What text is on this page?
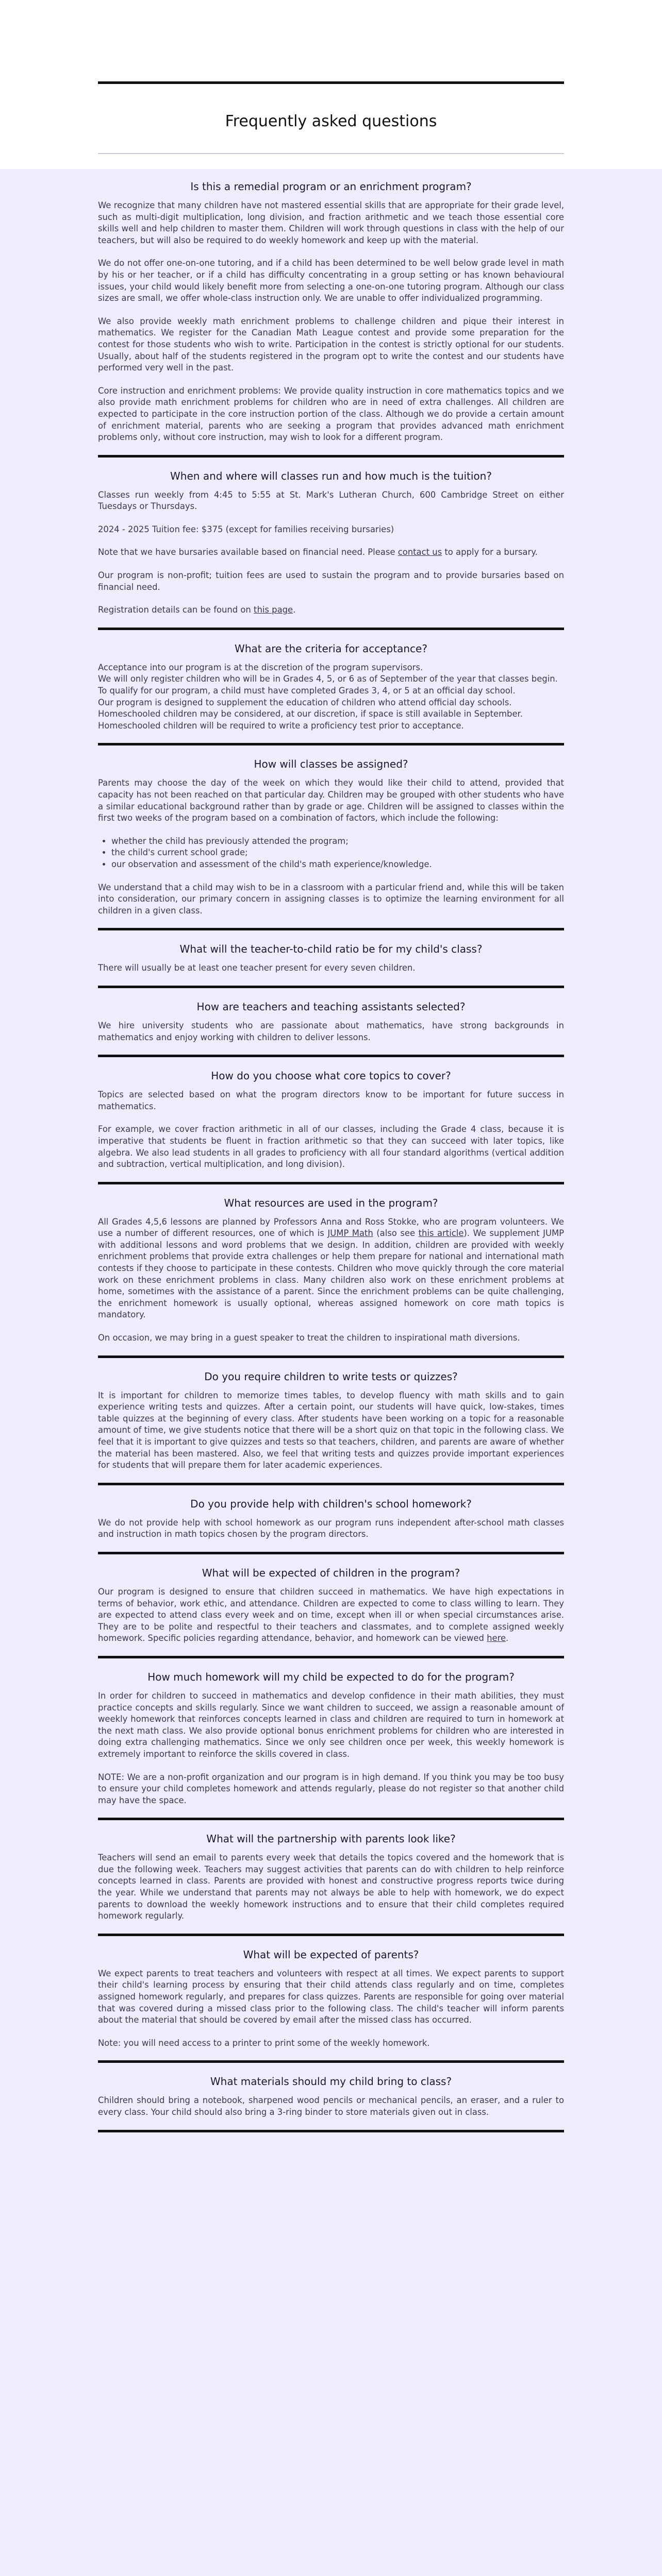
Frequently asked questions
Is this a remedial program or an enrichment program?

We recognize that many children have not mastered essential skills that are appropriate for their grade level, such as multi-digit multiplication, long division, and fraction arithmetic and we teach those essential core skills well and help children to master them. Children will work through questions in class with the help of our teachers, but will also be required to do weekly homework and keep up with the material.

We do not offer one-on-one tutoring, and if a child has been determined to be well below grade level in math by his or her teacher, or if a child has difficulty concentrating in a group setting or has known behavioural issues, your child would likely benefit more from selecting a one-on-one tutoring program. Although our class sizes are small, we offer whole-class instruction only. We are unable to offer individualized programming.

We also provide weekly math enrichment problems to challenge children and pique their interest in mathematics. We register for the Canadian Math League contest and provide some preparation for the contest for those students who wish to write. Participation in the contest is strictly optional for our students. Usually, about half of the students registered in the program opt to write the contest and our students have performed very well in the past.

Core instruction and enrichment problems: We provide quality instruction in core mathematics topics and we also provide math enrichment problems for children who are in need of extra challenges. All children are expected to participate in the core instruction portion of the class. Although we do provide a certain amount of enrichment material, parents who are seeking a program that provides advanced math enrichment problems only, without core instruction, may wish to look for a different program.

When and where will classes run and how much is the tuition?

Classes run weekly from 4:45 to 5:55 at St. Mark's Lutheran Church, 600 Cambridge Street on either Tuesdays or Thursdays.

2024 - 2025 Tuition fee: $375 (except for families receiving bursaries)

Note that we have bursaries available based on financial need. Please contact us to apply for a bursary.

Our program is non-profit; tuition fees are used to sustain the program and to provide bursaries based on financial need.

Registration details can be found on this page.

What are the criteria for acceptance?

Acceptance into our program is at the discretion of the program supervisors.
We will only register children who will be in Grades 4, 5, or 6 as of September of the year that classes begin.
To qualify for our program, a child must have completed Grades 3, 4, or 5 at an official day school.
Our program is designed to supplement the education of children who attend official day schools.
Homeschooled children may be considered, at our discretion, if space is still available in September.
Homeschooled children will be required to write a proficiency test prior to acceptance.

How will classes be assigned?

Parents may choose the day of the week on which they would like their child to attend, provided that capacity has not been reached on that particular day. Children may be grouped with other students who have a similar educational background rather than by grade or age. Children will be assigned to classes within the first two weeks of the program based on a combination of factors, which include the following:

• whether the child has previously attended the program;
• the child's current school grade;
• our observation and assessment of the child's math experience/knowledge.

We understand that a child may wish to be in a classroom with a particular friend and, while this will be taken into consideration, our primary concern in assigning classes is to optimize the learning environment for all children in a given class.

What will the teacher-to-child ratio be for my child's class?

There will usually be at least one teacher present for every seven children.

How are teachers and teaching assistants selected?

We hire university students who are passionate about mathematics, have strong backgrounds in mathematics and enjoy working with children to deliver lessons.

How do you choose what core topics to cover?

Topics are selected based on what the program directors know to be important for future success in mathematics.

For example, we cover fraction arithmetic in all of our classes, including the Grade 4 class, because it is imperative that students be fluent in fraction arithmetic so that they can succeed with later topics, like algebra. We also lead students in all grades to proficiency with all four standard algorithms (vertical addition and subtraction, vertical multiplication, and long division).

What resources are used in the program?

All Grades 4,5,6 lessons are planned by Professors Anna and Ross Stokke, who are program volunteers. We use a number of different resources, one of which is JUMP Math (also see this article). We supplement JUMP with additional lessons and word problems that we design. In addition, children are provided with weekly enrichment problems that provide extra challenges or help them prepare for national and international math contests if they choose to participate in these contests. Children who move quickly through the core material work on these enrichment problems in class. Many children also work on these enrichment problems at home, sometimes with the assistance of a parent. Since the enrichment problems can be quite challenging, the enrichment homework is usually optional, whereas assigned homework on core math topics is mandatory.

On occasion, we may bring in a guest speaker to treat the children to inspirational math diversions.

Do you require children to write tests or quizzes?

It is important for children to memorize times tables, to develop fluency with math skills and to gain experience writing tests and quizzes. After a certain point, our students will have quick, low-stakes, times table quizzes at the beginning of every class. After students have been working on a topic for a reasonable amount of time, we give students notice that there will be a short quiz on that topic in the following class. We feel that it is important to give quizzes and tests so that teachers, children, and parents are aware of whether the material has been mastered. Also, we feel that writing tests and quizzes provide important experiences for students that will prepare them for later academic experiences.

Do you provide help with children's school homework?

We do not provide help with school homework as our program runs independent after-school math classes and instruction in math topics chosen by the program directors.

What will be expected of children in the program?

Our program is designed to ensure that children succeed in mathematics. We have high expectations in terms of behavior, work ethic, and attendance. Children are expected to come to class willing to learn. They are expected to attend class every week and on time, except when ill or when special circumstances arise. They are to be polite and respectful to their teachers and classmates, and to complete assigned weekly homework. Specific policies regarding attendance, behavior, and homework can be viewed here.

How much homework will my child be expected to do for the program?

In order for children to succeed in mathematics and develop confidence in their math abilities, they must practice concepts and skills regularly. Since we want children to succeed, we assign a reasonable amount of weekly homework that reinforces concepts learned in class and children are required to turn in homework at the next math class. We also provide optional bonus enrichment problems for children who are interested in doing extra challenging mathematics. Since we only see children once per week, this weekly homework is extremely important to reinforce the skills covered in class.

NOTE: We are a non-profit organization and our program is in high demand. If you think you may be too busy to ensure your child completes homework and attends regularly, please do not register so that another child may have the space.

What will the partnership with parents look like?

Teachers will send an email to parents every week that details the topics covered and the homework that is due the following week. Teachers may suggest activities that parents can do with children to help reinforce concepts learned in class. Parents are provided with honest and constructive progress reports twice during the year. While we understand that parents may not always be able to help with homework, we do expect parents to download the weekly homework instructions and to ensure that their child completes required homework regularly.

What will be expected of parents?

We expect parents to treat teachers and volunteers with respect at all times. We expect parents to support their child's learning process by ensuring that their child attends class regularly and on time, completes assigned homework regularly, and prepares for class quizzes. Parents are responsible for going over material that was covered during a missed class prior to the following class. The child's teacher will inform parents about the material that should be covered by email after the missed class has occurred.

Note: you will need access to a printer to print some of the weekly homework.

What materials should my child bring to class?

Children should bring a notebook, sharpened wood pencils or mechanical pencils, an eraser, and a ruler to every class. Your child should also bring a 3-ring binder to store materials given out in class.
